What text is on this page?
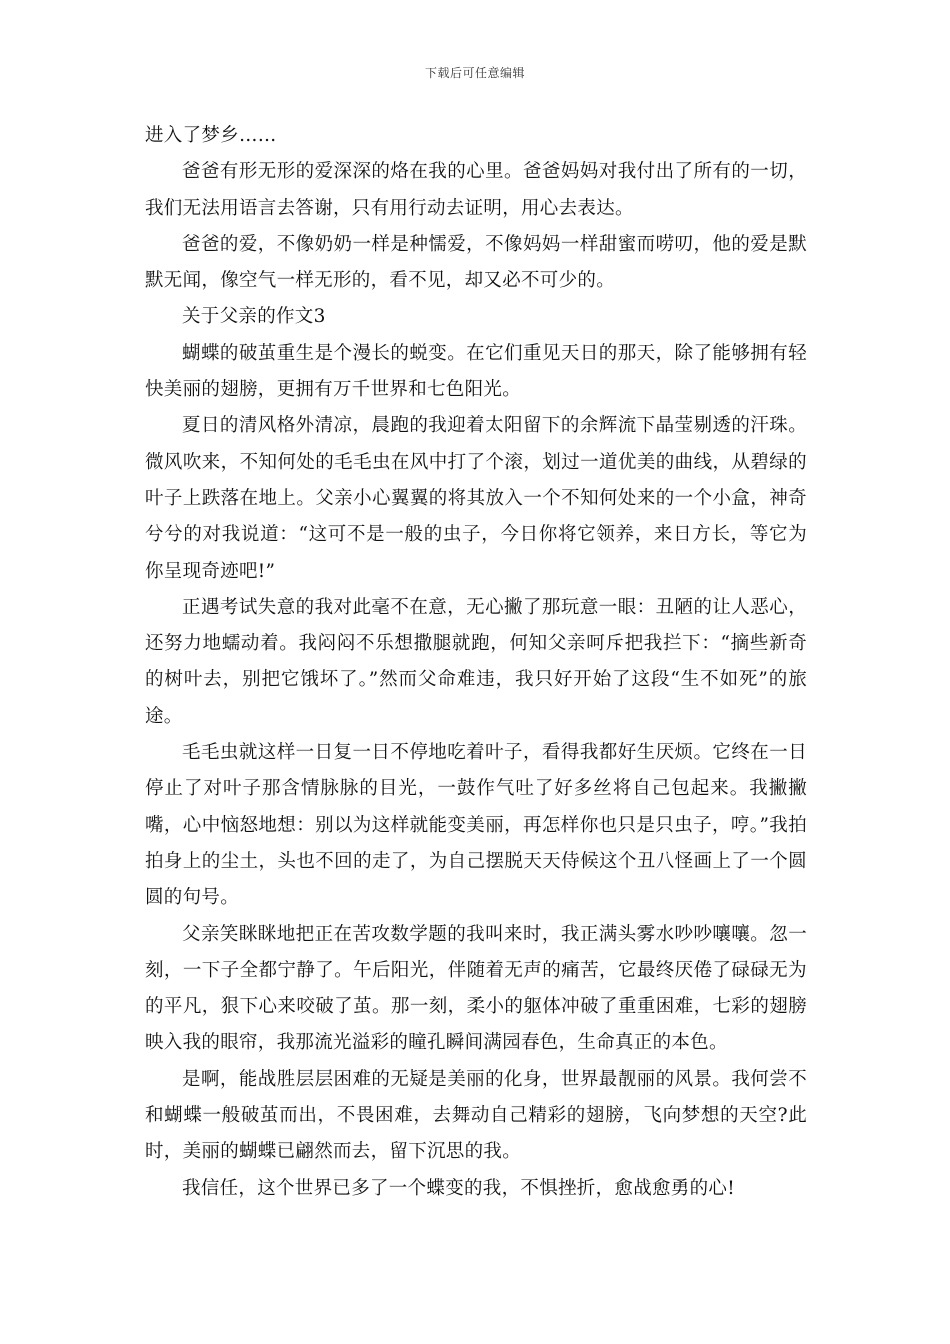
下载后可任意编辑

进入了梦乡……

爸爸有形无形的爱深深的烙在我的心里。爸爸妈妈对我付出了所有的一切，我们无法用语言去答谢，只有用行动去证明，用心去表达。

爸爸的爱，不像奶奶一样是种懦爱，不像妈妈一样甜蜜而唠叨，他的爱是默默无闻，像空气一样无形的，看不见，却又必不可少的。

关于父亲的作文3

蝴蝶的破茧重生是个漫长的蜕变。在它们重见天日的那天，除了能够拥有轻快美丽的翅膀，更拥有万千世界和七色阳光。

夏日的清风格外清凉，晨跑的我迎着太阳留下的余辉流下晶莹剔透的汗珠。微风吹来，不知何处的毛毛虫在风中打了个滚，划过一道优美的曲线，从碧绿的叶子上跌落在地上。父亲小心翼翼的将其放入一个不知何处来的一个小盒，神奇兮兮的对我说道：“这可不是一般的虫子，今日你将它领养，来日方长，等它为你呈现奇迹吧!”

正遇考试失意的我对此毫不在意，无心撇了那玩意一眼：丑陋的让人恶心，还努力地蠕动着。我闷闷不乐想撒腿就跑，何知父亲呵斥把我拦下：“摘些新奇的树叶去，别把它饿坏了。”然而父命难违，我只好开始了这段“生不如死”的旅途。

毛毛虫就这样一日复一日不停地吃着叶子，看得我都好生厌烦。它终在一日停止了对叶子那含情脉脉的目光，一鼓作气吐了好多丝将自己包起来。我撇撇嘴，心中恼怒地想：别以为这样就能变美丽，再怎样你也只是只虫子，哼。”我拍拍身上的尘土，头也不回的走了，为自己摆脱天天侍候这个丑八怪画上了一个圆圆的句号。

父亲笑眯眯地把正在苦攻数学题的我叫来时，我正满头雾水吵吵嚷嚷。忽一刻，一下子全都宁静了。午后阳光，伴随着无声的痛苦，它最终厌倦了碌碌无为的平凡，狠下心来咬破了茧。那一刻，柔小的躯体冲破了重重困难，七彩的翅膀映入我的眼帘，我那流光溢彩的瞳孔瞬间满园春色，生命真正的本色。

是啊，能战胜层层困难的无疑是美丽的化身，世界最靓丽的风景。我何尝不和蝴蝶一般破茧而出，不畏困难，去舞动自己精彩的翅膀，飞向梦想的天空?此时，美丽的蝴蝶已翩然而去，留下沉思的我。

我信任，这个世界已多了一个蝶变的我，不惧挫折，愈战愈勇的心!
